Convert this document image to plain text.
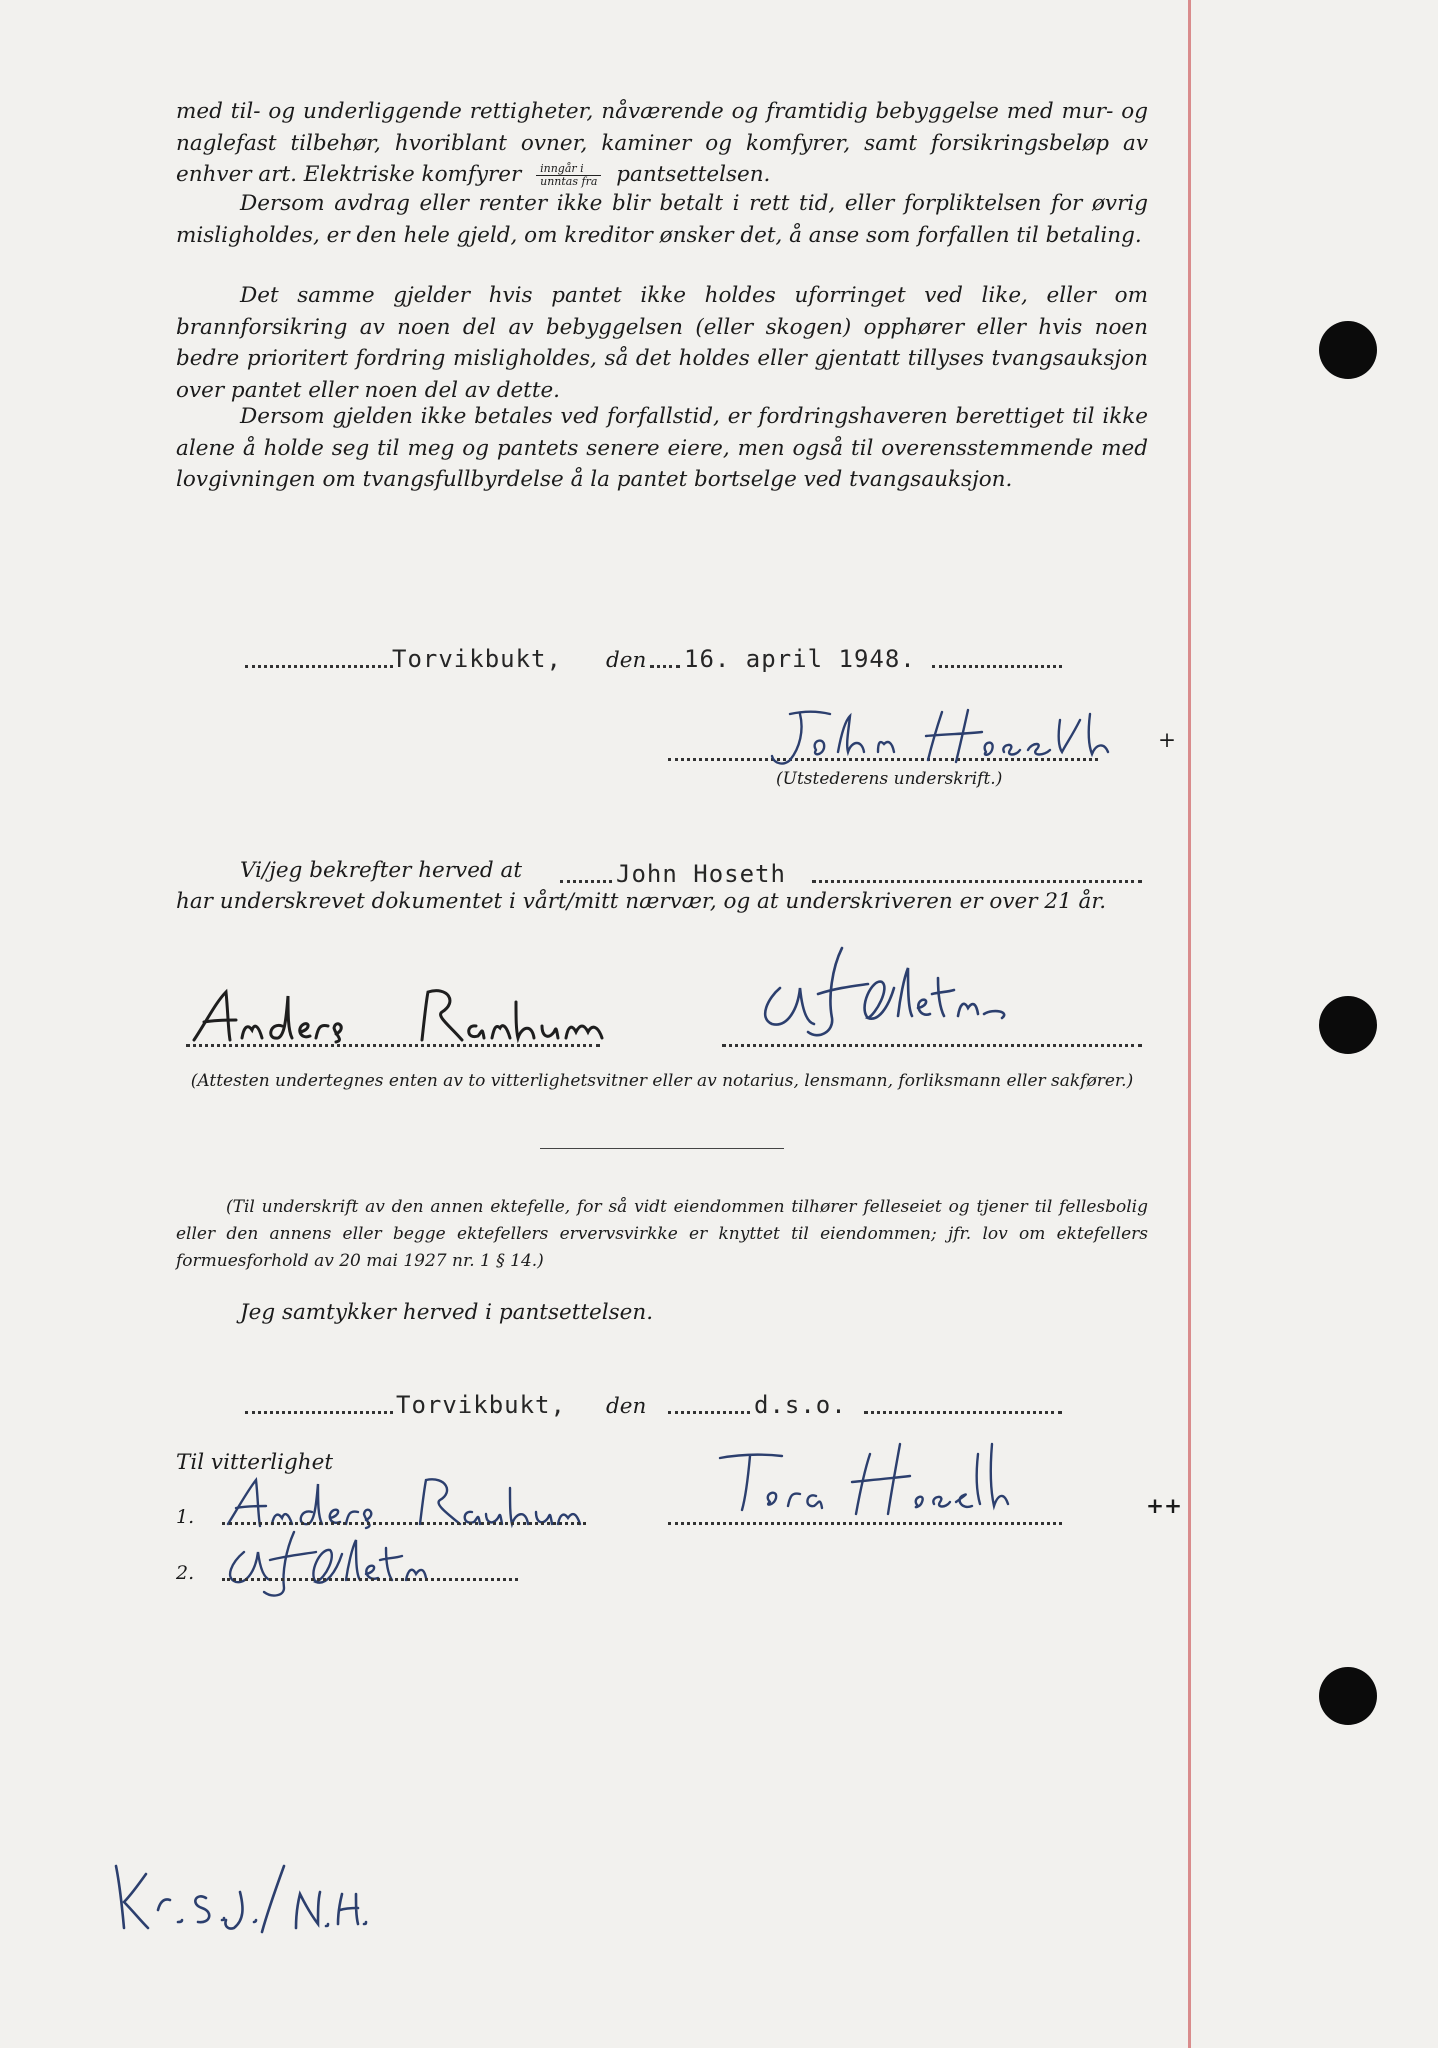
med til- og underliggende rettigheter, nåværende og framtidig bebyggelse med mur- og naglefast tilbehør, hvoriblant ovner, kaminer og komfyrer, samt forsikringsbeløp av enhver art. Elektriske komfyrer $\frac{\text{inngår i}}{\text{unntas fra}}$ pantsettelsen.
Dersom avdrag eller renter ikke blir betalt i rett tid, eller forpliktelsen for øvrig misligholdes, er den hele gjeld, om kreditor ønsker det, å anse som forfallen til betaling.
Det samme gjelder hvis pantet ikke holdes uforringet ved like, eller om brannforsikring av noen del av bebyggelsen (eller skogen) opphører eller hvis noen bedre prioritert fordring misligholdes, så det holdes eller gjentatt tillyses tvangsauksjon over pantet eller noen del av dette.
Dersom gjelden ikke betales ved forfallstid, er fordringshaveren berettiget til ikke alene å holde seg til meg og pantets senere eiere, men også til overensstemmende med lovgivningen om tvangsfullbyrdelse å la pantet bortselge ved tvangsauksjon.
Torvikbukt, den 16. april 1948.
+
(Utstederens underskrift.)
Vi/jeg bekrefter herved at	John Hoseth
har underskrevet dokumentet i vårt/mitt nærvær, og at underskriveren er over 21 år.
(Attesten undertegnes enten av to vitterlighetsvitner eller av notarius, lensmann, forliksmann eller sakfører.)
(Til underskrift av den annen ektefelle, for så vidt eiendommen tilhører felleseiet og tjener til fellesbolig eller den annens eller begge ektefellers ervervsvirkke er knyttet til eiendommen; jfr. lov om ektefellers formuesforhold av 20 mai 1927 nr. 1 § 14.)
Jeg samtykker herved i pantsettelsen.
Torvikbukt, den	d.s.o.
Til vitterlighet
1.
2.
++
